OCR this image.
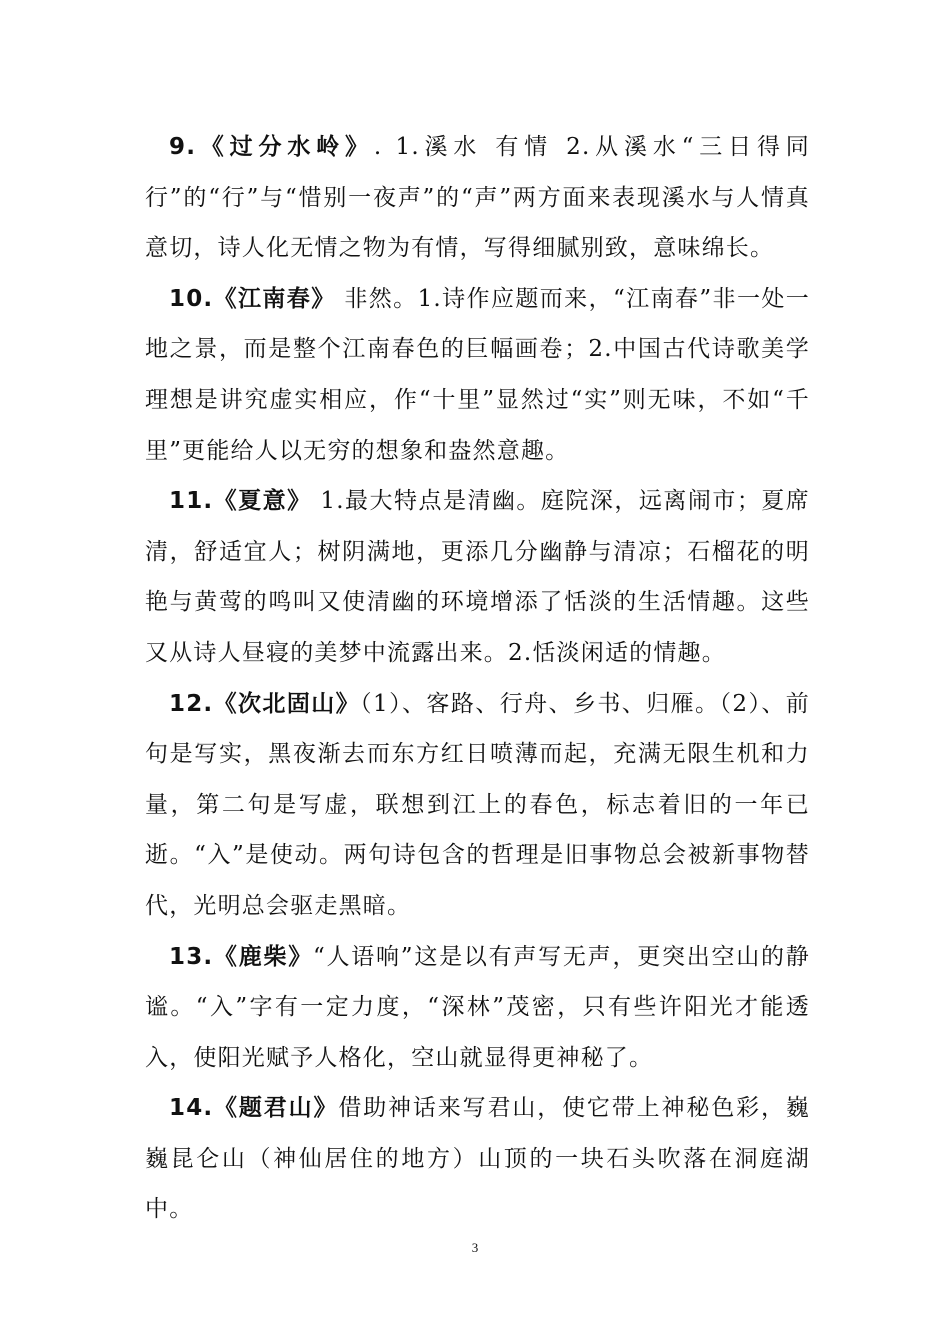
9.《过分水岭》. 1.溪水 有情 2.从溪水“三日得同行”的“行”与“惜别一夜声”的“声”两方面来表现溪水与人情真意切，诗人化无情之物为有情，写得细腻别致，意味绵长。

10.《江南春》 非然。1.诗作应题而来，“江南春”非一处一地之景，而是整个江南春色的巨幅画卷；2.中国古代诗歌美学理想是讲究虚实相应，作“十里”显然过“实”则无味，不如“千里”更能给人以无穷的想象和盎然意趣。

11.《夏意》 1.最大特点是清幽。庭院深，远离闹市；夏席清，舒适宜人；树阴满地，更添几分幽静与清凉；石榴花的明艳与黄莺的鸣叫又使清幽的环境增添了恬淡的生活情趣。这些又从诗人昼寝的美梦中流露出来。2.恬淡闲适的情趣。

12.《次北固山》（1）、客路、行舟、乡书、归雁。（2）、前句是写实，黑夜渐去而东方红日喷薄而起，充满无限生机和力量，第二句是写虚，联想到江上的春色，标志着旧的一年已逝。“入”是使动。两句诗包含的哲理是旧事物总会被新事物替代，光明总会驱走黑暗。

13.《鹿柴》“人语响”这是以有声写无声，更突出空山的静谧。“入”字有一定力度，“深林”茂密，只有些许阳光才能透入，使阳光赋予人格化，空山就显得更神秘了。

14.《题君山》借助神话来写君山，使它带上神秘色彩，巍巍昆仑山（神仙居住的地方）山顶的一块石头吹落在洞庭湖中。

3
